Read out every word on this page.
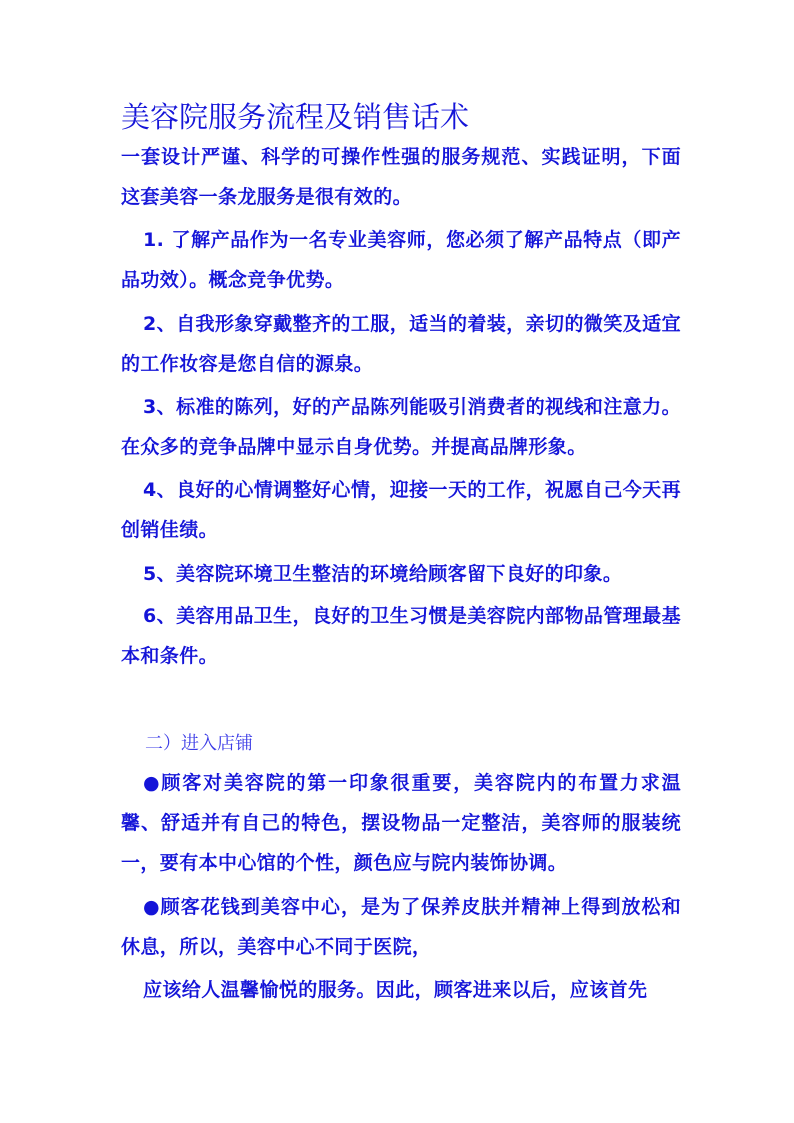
美容院服务流程及销售话术

一套设计严谨、科学的可操作性强的服务规范、实践证明，下面这套美容一条龙服务是很有效的。

1. 了解产品作为一名专业美容师，您必须了解产品特点（即产品功效）。概念竞争优势。

2、自我形象穿戴整齐的工服，适当的着装，亲切的微笑及适宜的工作妆容是您自信的源泉。

3、标准的陈列，好的产品陈列能吸引消费者的视线和注意力。在众多的竞争品牌中显示自身优势。并提高品牌形象。

4、良好的心情调整好心情，迎接一天的工作，祝愿自己今天再创销佳绩。

5、美容院环境卫生整洁的环境给顾客留下良好的印象。

6、美容用品卫生，良好的卫生习惯是美容院内部物品管理最基本和条件。

二）进入店铺

●顾客对美容院的第一印象很重要，美容院内的布置力求温馨、舒适并有自己的特色，摆设物品一定整洁，美容师的服装统一，要有本中心馆的个性，颜色应与院内装饰协调。

●顾客花钱到美容中心，是为了保养皮肤并精神上得到放松和休息，所以，美容中心不同于医院，

应该给人温馨愉悦的服务。因此，顾客进来以后，应该首先
